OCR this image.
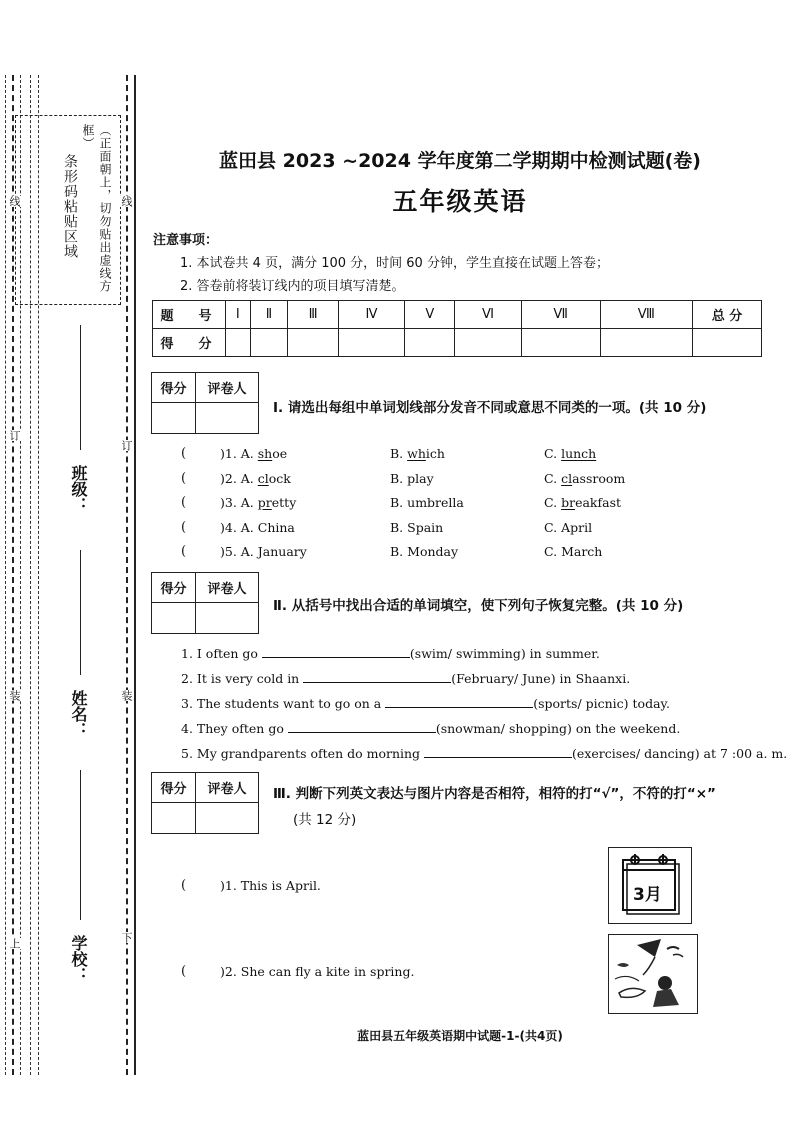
条形码粘贴区域	（正面朝上，切勿贴出虚线方框）
线	线
订
订
装	装
上
下
班级：
姓名：
学校：
蓝田县 2023 ~2024 学年度第二学期期中检测试题(卷)
五年级英语
注意事项：
1. 本试卷共 4 页，满分 100 分，时间 60 分钟，学生直接在试题上答卷；
2. 答卷前将装订线内的项目填写清楚。
题　号	Ⅰ	Ⅱ	Ⅲ	Ⅳ	Ⅴ	Ⅵ	Ⅶ	Ⅷ	总 分
得　分									
得分	评卷人
Ⅰ. 请选出每组中单词划线部分发音不同或意思不同类的一项。(共 10 分)
(	)1. A. shoe	B. which	C. lunch
(	)2. A. clock	B. play	C. classroom
(	)3. A. pretty	B. umbrella	C. breakfast
(	)4. A. China	B. Spain	C. April
(	)5. A. January	B. Monday	C. March
得分	评卷人
Ⅱ. 从括号中找出合适的单词填空，使下列句子恢复完整。(共 10 分)
1. I often go	(swim/ swimming) in summer.
2. It is very cold in	(February/ June) in Shaanxi.
3. The students want to go on a	(sports/ picnic) today.
4. They often go	(snowman/ shopping) on the weekend.
5. My grandparents often do morning	(exercises/ dancing) at 7 :00 a. m.
得分	评卷人	Ⅲ. 判断下列英文表达与图片内容是否相符，相符的打“√”，不符的打“×”
(共 12 分)
(	)1. This is April.
(	)2. She can fly a kite in spring.
3月
蓝田县五年级英语期中试题-1-(共4页)
